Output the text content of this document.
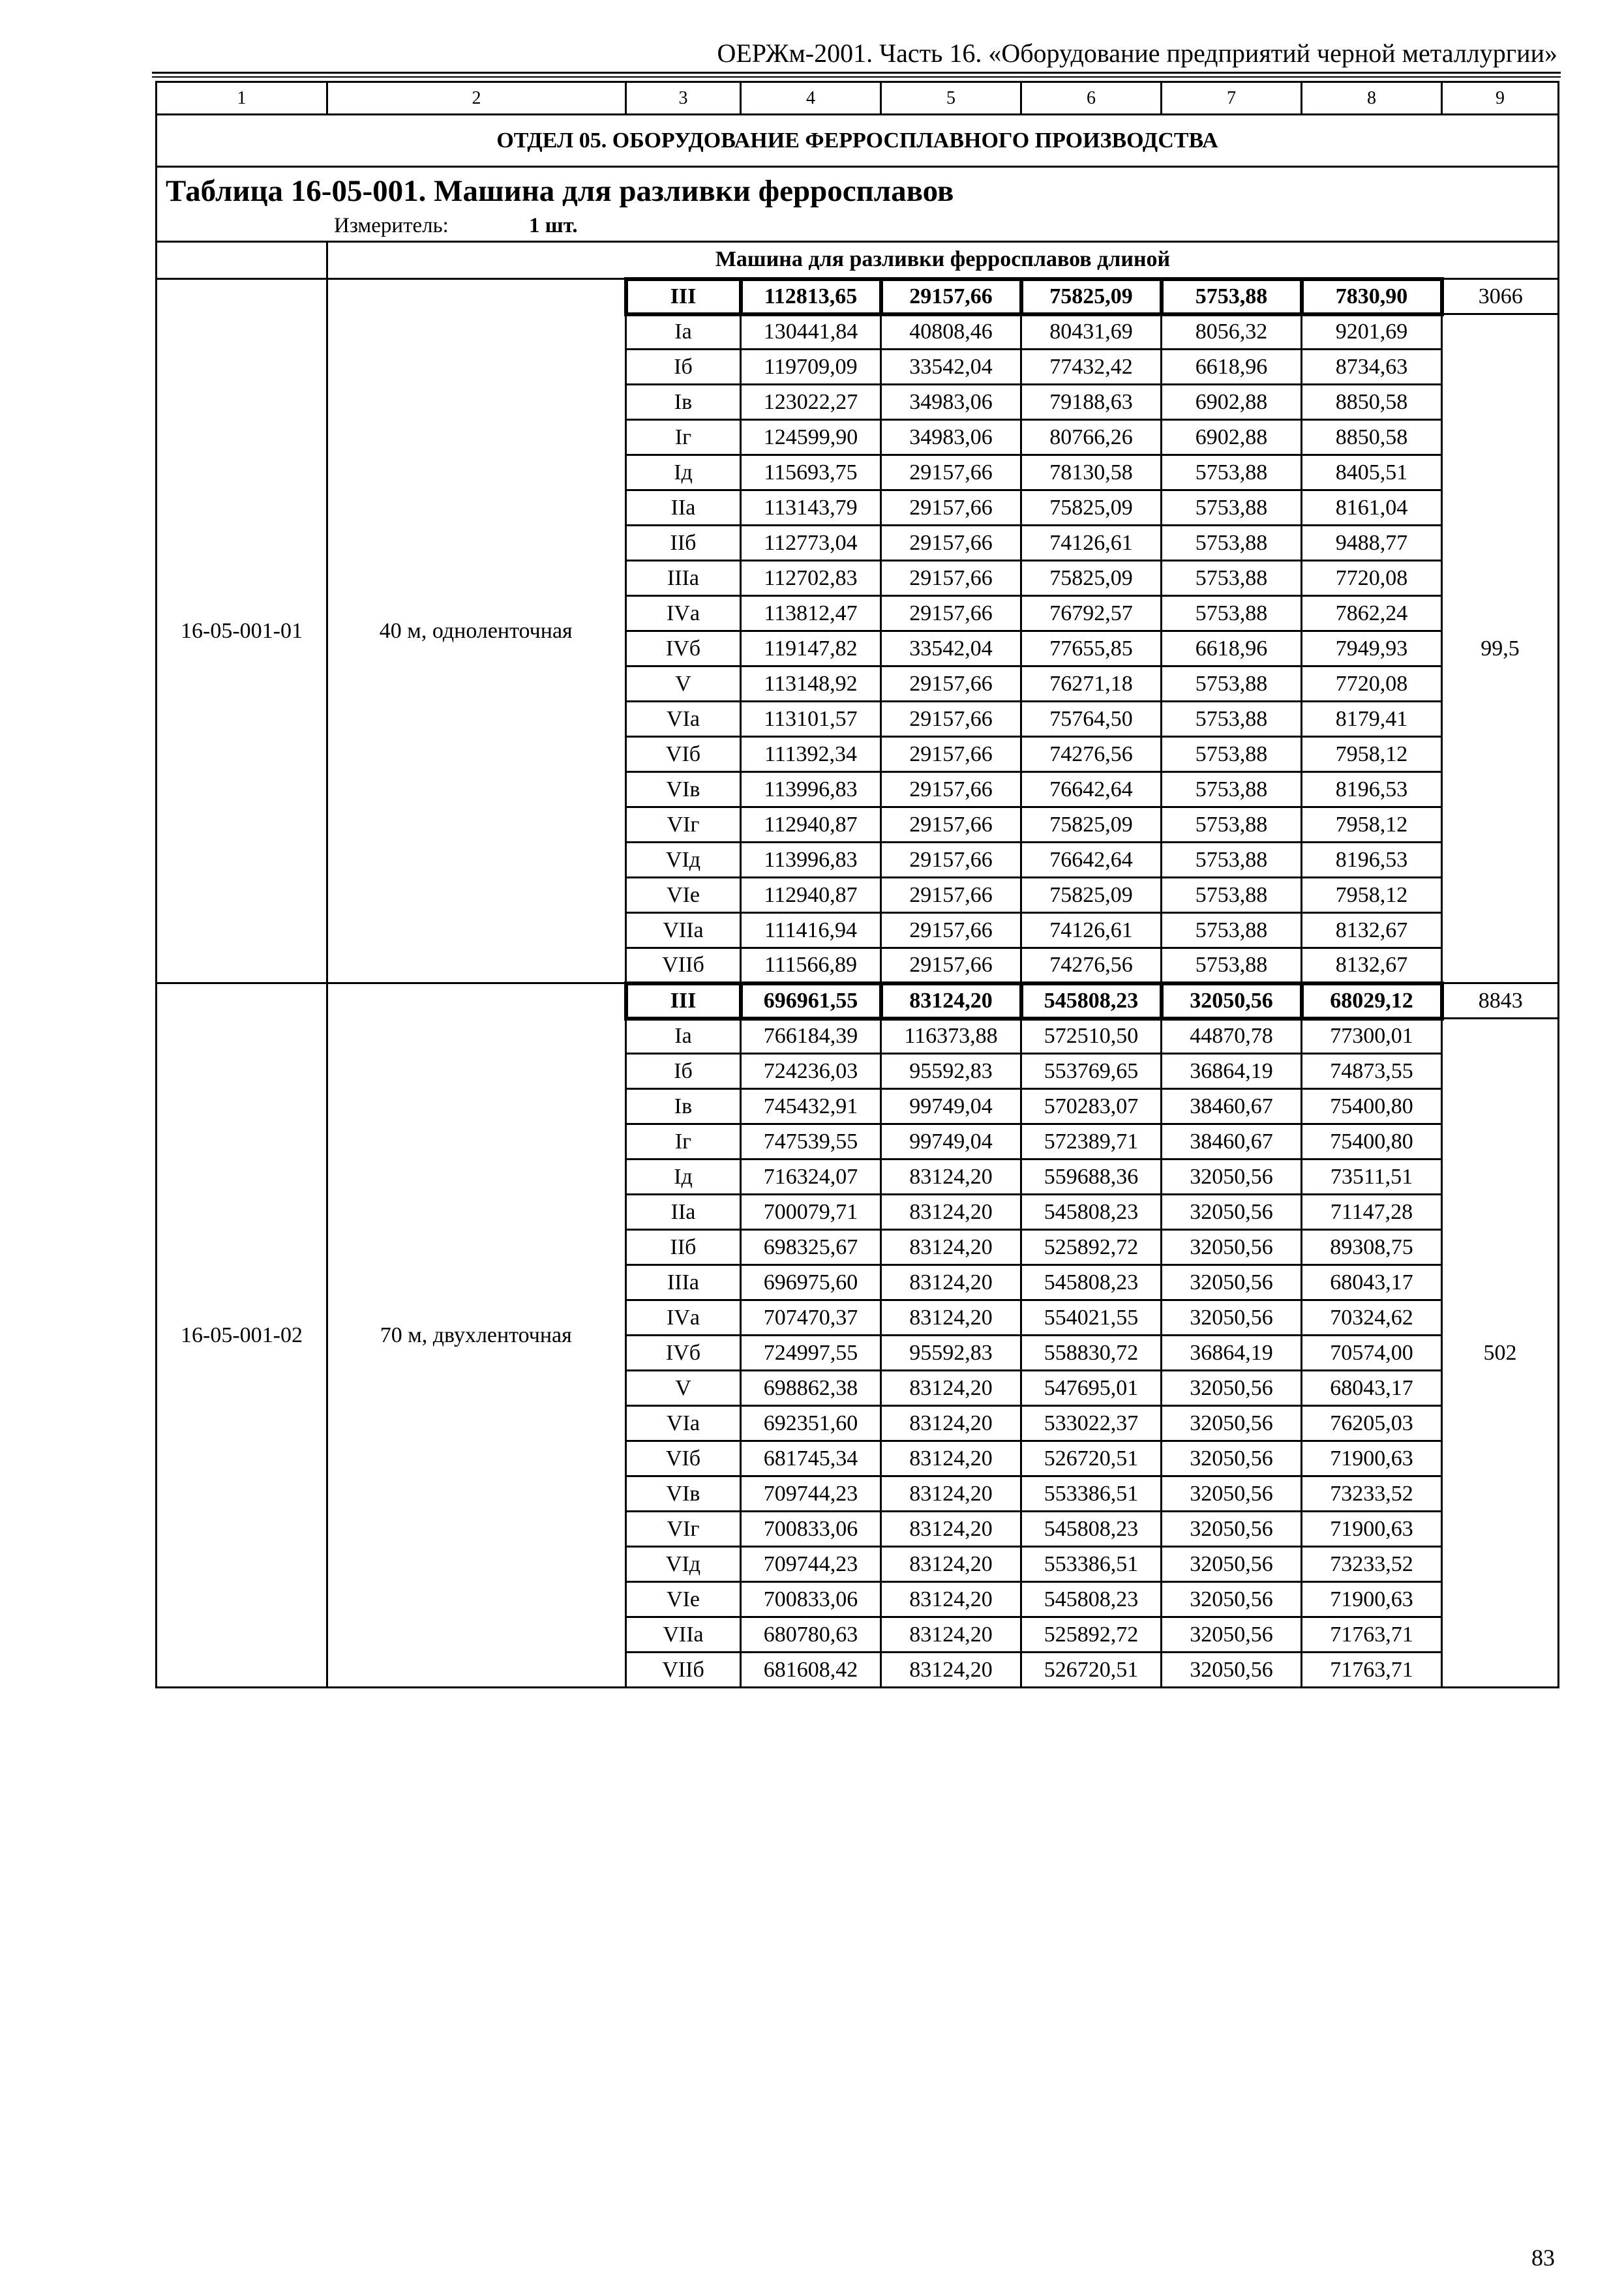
ОЕРЖм-2001. Часть 16. «Оборудование предприятий черной металлургии»
1	2	3	4	5	6	7	8	9
ОТДЕЛ 05. ОБОРУДОВАНИЕ ФЕРРОСПЛАВНОГО ПРОИЗВОДСТВА								

Таблица 16-05-001. Машина для разливки ферросплавов
Измеритель: 1 шт.								

	Машина для разливки ферросплавов длиной							
16-05-001-01	40 м, одноленточная	III	112813,65	29157,66	75825,09	5753,88	7830,90	3066
		Iа	130441,84	40808,46	80431,69	8056,32	9201,69	99,5
		Iб	119709,09	33542,04	77432,42	6618,96	8734,63	
		Iв	123022,27	34983,06	79188,63	6902,88	8850,58	
		Iг	124599,90	34983,06	80766,26	6902,88	8850,58	
		Iд	115693,75	29157,66	78130,58	5753,88	8405,51	
		IIа	113143,79	29157,66	75825,09	5753,88	8161,04	
		IIб	112773,04	29157,66	74126,61	5753,88	9488,77	
		IIIа	112702,83	29157,66	75825,09	5753,88	7720,08	
		IVа	113812,47	29157,66	76792,57	5753,88	7862,24	
		IVб	119147,82	33542,04	77655,85	6618,96	7949,93	
		V	113148,92	29157,66	76271,18	5753,88	7720,08	
		VIа	113101,57	29157,66	75764,50	5753,88	8179,41	
		VIб	111392,34	29157,66	74276,56	5753,88	7958,12	
		VIв	113996,83	29157,66	76642,64	5753,88	8196,53	
		VIг	112940,87	29157,66	75825,09	5753,88	7958,12	
		VIд	113996,83	29157,66	76642,64	5753,88	8196,53	
		VIе	112940,87	29157,66	75825,09	5753,88	7958,12	
		VIIа	111416,94	29157,66	74126,61	5753,88	8132,67	
		VIIб	111566,89	29157,66	74276,56	5753,88	8132,67	
16-05-001-02	70 м, двухленточная	III	696961,55	83124,20	545808,23	32050,56	68029,12	8843
		Iа	766184,39	116373,88	572510,50	44870,78	77300,01	502
		Iб	724236,03	95592,83	553769,65	36864,19	74873,55	
		Iв	745432,91	99749,04	570283,07	38460,67	75400,80	
		Iг	747539,55	99749,04	572389,71	38460,67	75400,80	
		Iд	716324,07	83124,20	559688,36	32050,56	73511,51	
		IIа	700079,71	83124,20	545808,23	32050,56	71147,28	
		IIб	698325,67	83124,20	525892,72	32050,56	89308,75	
		IIIа	696975,60	83124,20	545808,23	32050,56	68043,17	
		IVа	707470,37	83124,20	554021,55	32050,56	70324,62	
		IVб	724997,55	95592,83	558830,72	36864,19	70574,00	
		V	698862,38	83124,20	547695,01	32050,56	68043,17	
		VIа	692351,60	83124,20	533022,37	32050,56	76205,03	
		VIб	681745,34	83124,20	526720,51	32050,56	71900,63	
		VIв	709744,23	83124,20	553386,51	32050,56	73233,52	
		VIг	700833,06	83124,20	545808,23	32050,56	71900,63	
		VIд	709744,23	83124,20	553386,51	32050,56	73233,52	
		VIе	700833,06	83124,20	545808,23	32050,56	71900,63	
		VIIа	680780,63	83124,20	525892,72	32050,56	71763,71	
		VIIб	681608,42	83124,20	526720,51	32050,56	71763,71	
83
